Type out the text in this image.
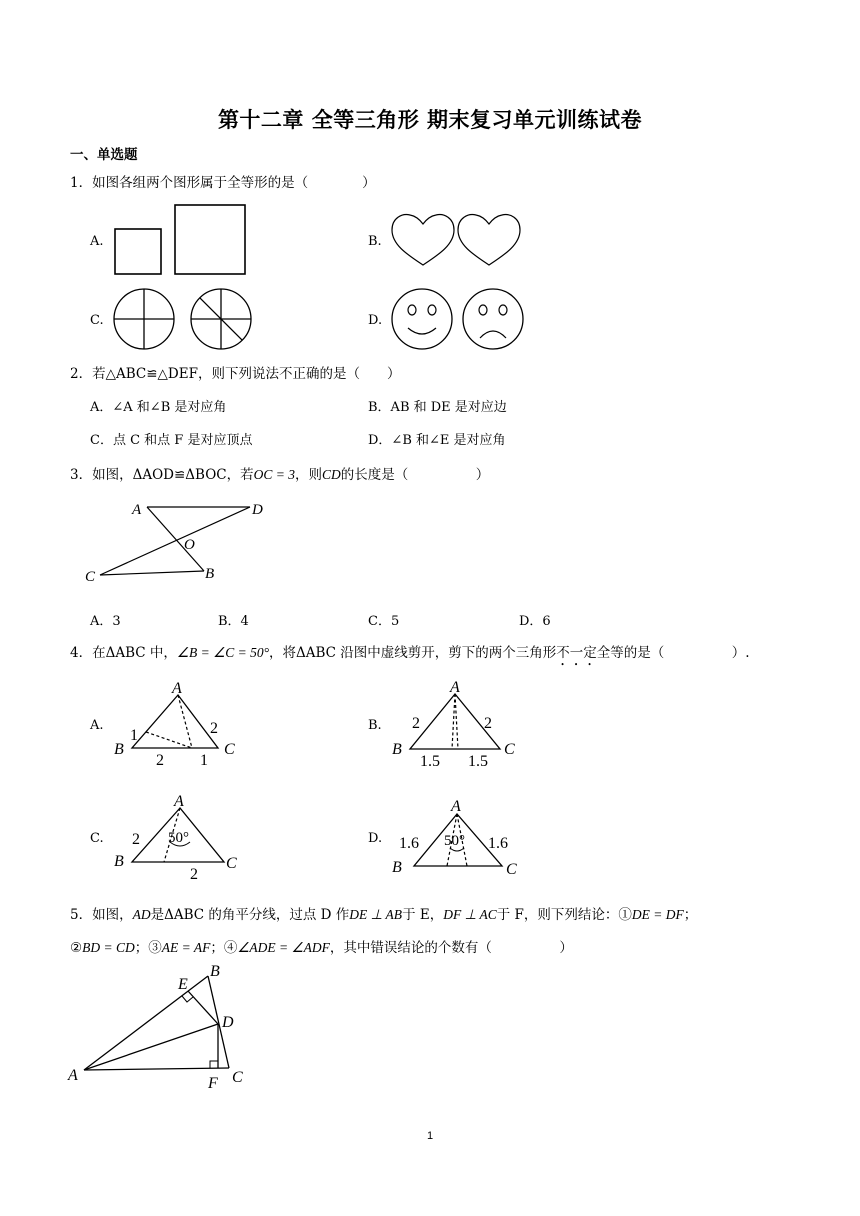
第十二章 全等三角形 期末复习单元训练试卷
一、单选题
1．如图各组两个图形属于全等形的是（　　　　）
A.	B.
C.	D.
2．若△ABC≌△DEF，则下列说法不正确的是（　　）
A．∠A 和∠B 是对应角	B．AB 和 DE 是对应边
C．点 C 和点 F 是对应顶点	D．∠B 和∠E 是对应角
3．如图，ΔAOD≌ΔBOC，若OC = 3，则CD的长度是（　　　　　）
A	D
O
C	B
A．3	B．4	C．5	D．6
4．在ΔABC 中，∠B = ∠C = 50°，将ΔABC 沿图中虚线剪开，剪下的两个三角形不一定全等的是（　　　　　）.
A.
A
B	C
1	2
2 1
B.
A
B	C
2	2
1.5 1.5
C.
A
B	C
2 50°
2
D.
A
B	C
1.6 50° 1.6
5．如图，AD是ΔABC 的角平分线，过点 D 作DE ⊥ AB于 E，DF ⊥ AC于 F，则下列结论：①DE = DF；
②BD = CD；③AE = AF；④∠ADE = ∠ADF，其中错误结论的个数有（　　　　　）
E
B
D
A	F C
1
